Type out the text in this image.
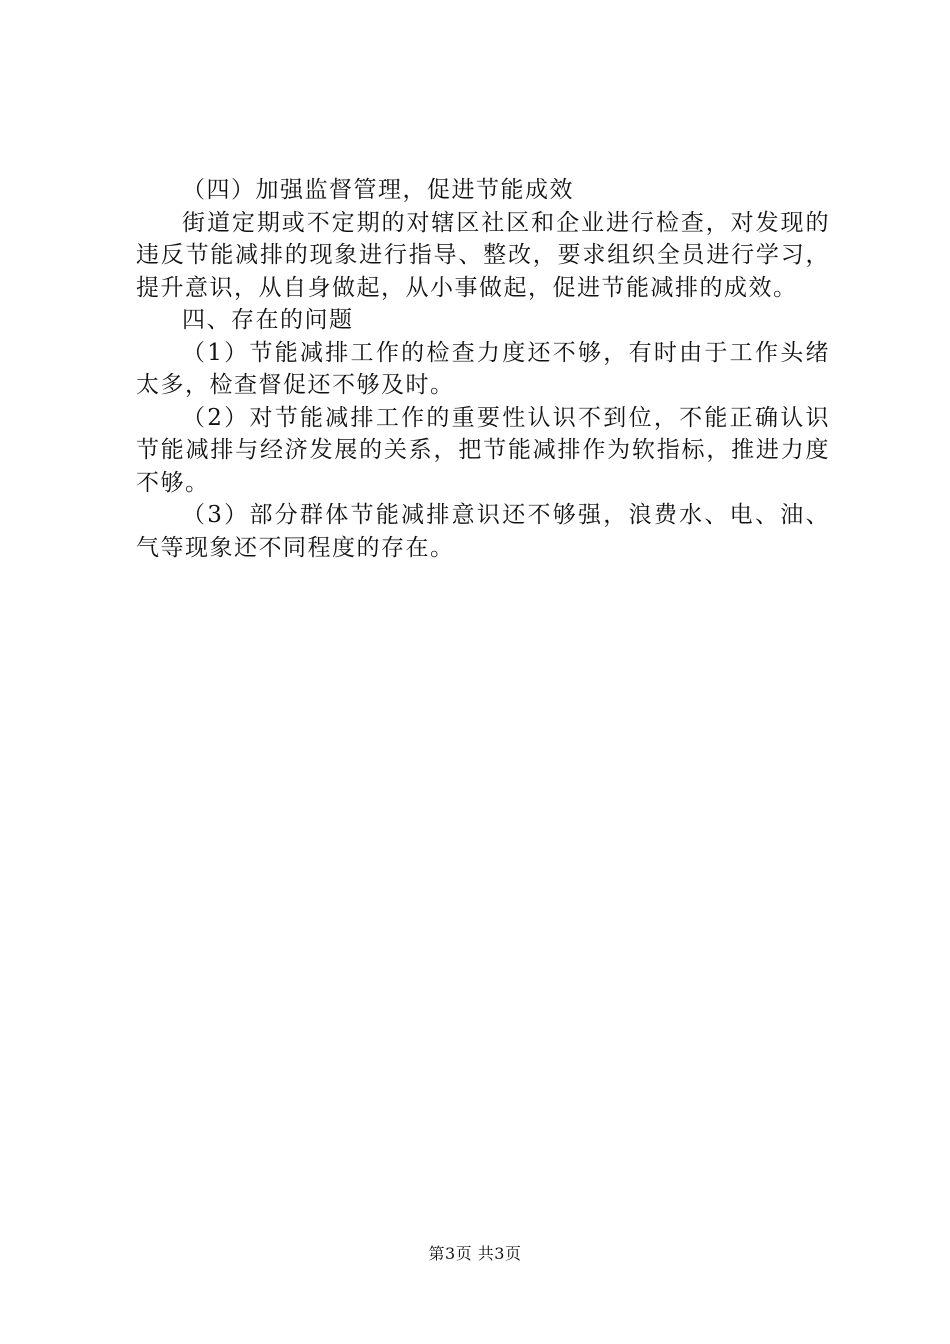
（四）加强监督管理，促进节能成效

街道定期或不定期的对辖区社区和企业进行检查，对发现的违反节能减排的现象进行指导、整改，要求组织全员进行学习，提升意识，从自身做起，从小事做起，促进节能减排的成效。

四、存在的问题

（1）节能减排工作的检查力度还不够，有时由于工作头绪太多，检查督促还不够及时。

（2）对节能减排工作的重要性认识不到位，不能正确认识节能减排与经济发展的关系，把节能减排作为软指标，推进力度不够。

（3）部分群体节能减排意识还不够强，浪费水、电、油、气等现象还不同程度的存在。

第3页 共3页
